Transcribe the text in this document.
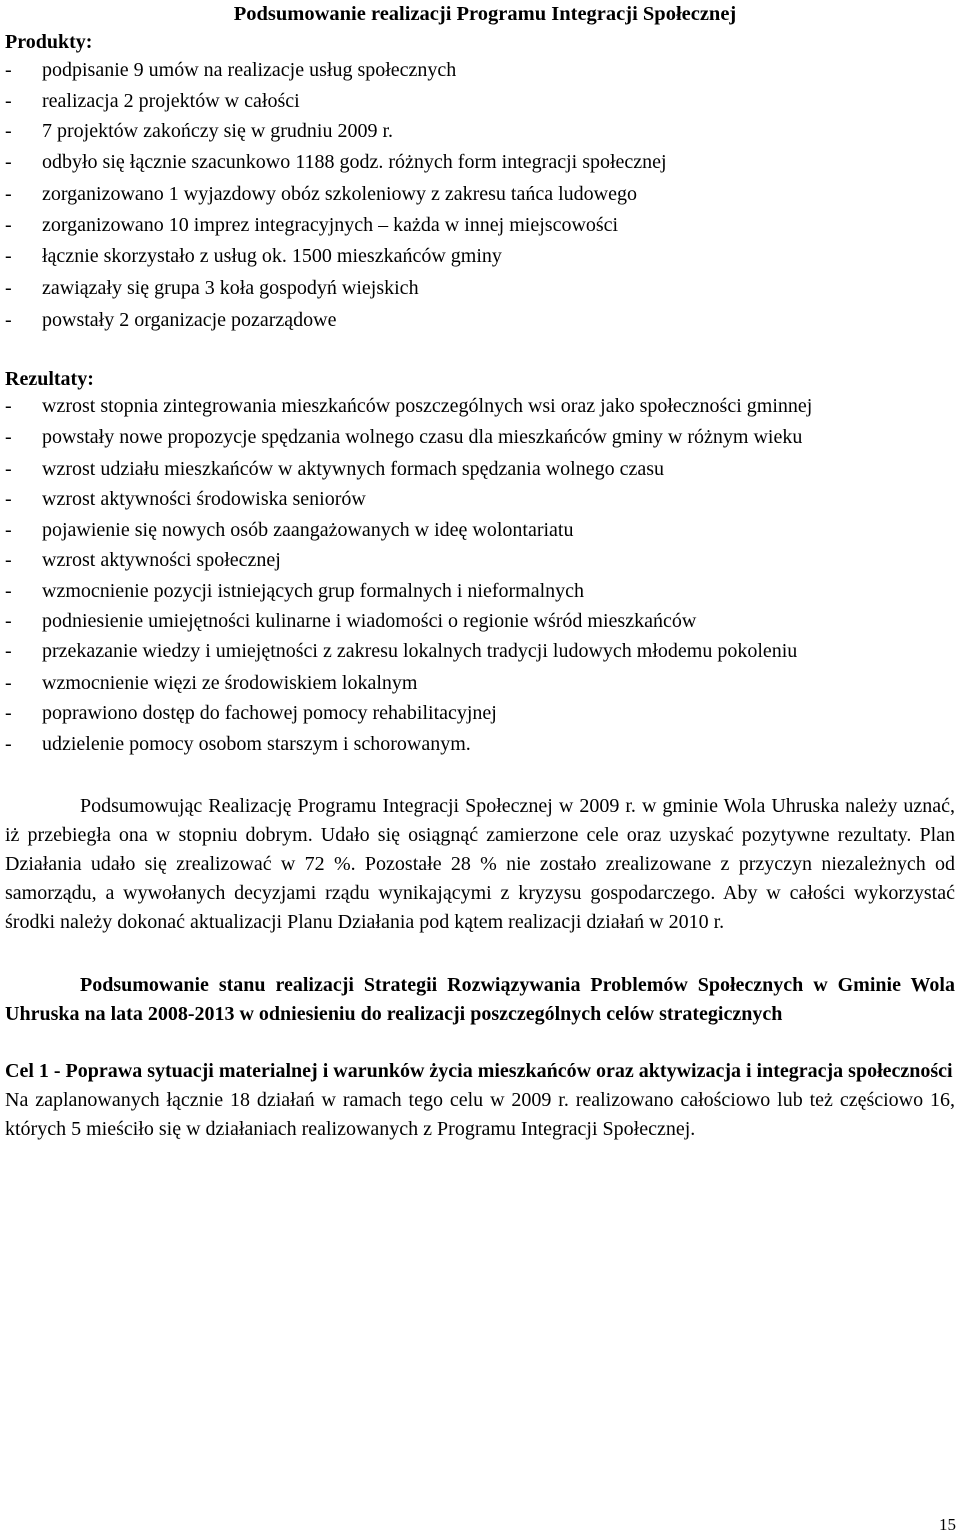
Podsumowanie realizacji Programu Integracji Społecznej

Produkty:

- podpisanie 9 umów na realizacje usług społecznych
- realizacja 2 projektów w całości
- 7 projektów zakończy się w grudniu 2009 r.
- odbyło się łącznie szacunkowo 1188 godz. różnych form integracji społecznej
- zorganizowano 1 wyjazdowy obóz szkoleniowy z zakresu tańca ludowego
- zorganizowano 10 imprez integracyjnych – każda w innej miejscowości
- łącznie skorzystało z usług ok. 1500 mieszkańców gminy
- zawiązały się grupa 3 koła gospodyń wiejskich
- powstały 2 organizacje pozarządowe

Rezultaty:

- wzrost stopnia zintegrowania mieszkańców poszczególnych wsi oraz jako społeczności gminnej
- powstały nowe propozycje spędzania wolnego czasu dla mieszkańców gminy w różnym wieku
- wzrost udziału mieszkańców w aktywnych formach spędzania wolnego czasu
- wzrost aktywności środowiska seniorów
- pojawienie się nowych osób zaangażowanych w ideę wolontariatu
- wzrost aktywności społecznej
- wzmocnienie pozycji istniejących grup formalnych i nieformalnych
- podniesienie umiejętności kulinarne i wiadomości o regionie wśród mieszkańców
- przekazanie wiedzy i umiejętności z zakresu lokalnych tradycji ludowych młodemu pokoleniu
- wzmocnienie więzi ze środowiskiem lokalnym
- poprawiono dostęp do fachowej pomocy rehabilitacyjnej
- udzielenie pomocy osobom starszym i schorowanym.

Podsumowując Realizację Programu Integracji Społecznej w 2009 r. w gminie Wola Uhruska należy uznać, iż przebiegła ona w stopniu dobrym. Udało się osiągnąć zamierzone cele oraz uzyskać pozytywne rezultaty. Plan Działania udało się zrealizować w 72 %. Pozostałe 28 % nie zostało zrealizowane z przyczyn niezależnych od samorządu, a wywołanych decyzjami rządu wynikającymi z kryzysu gospodarczego. Aby w całości wykorzystać środki należy dokonać aktualizacji Planu Działania pod kątem realizacji działań w 2010 r.

Podsumowanie stanu realizacji Strategii Rozwiązywania Problemów Społecznych w Gminie Wola Uhruska na lata 2008-2013 w odniesieniu do realizacji poszczególnych celów strategicznych

Cel 1 - Poprawa sytuacji materialnej i warunków życia mieszkańców oraz aktywizacja i integracja społeczności

Na zaplanowanych łącznie 18 działań w ramach tego celu w 2009 r. realizowano całościowo lub też częściowo 16, których 5 mieściło się w działaniach realizowanych z Programu Integracji Społecznej.

15
